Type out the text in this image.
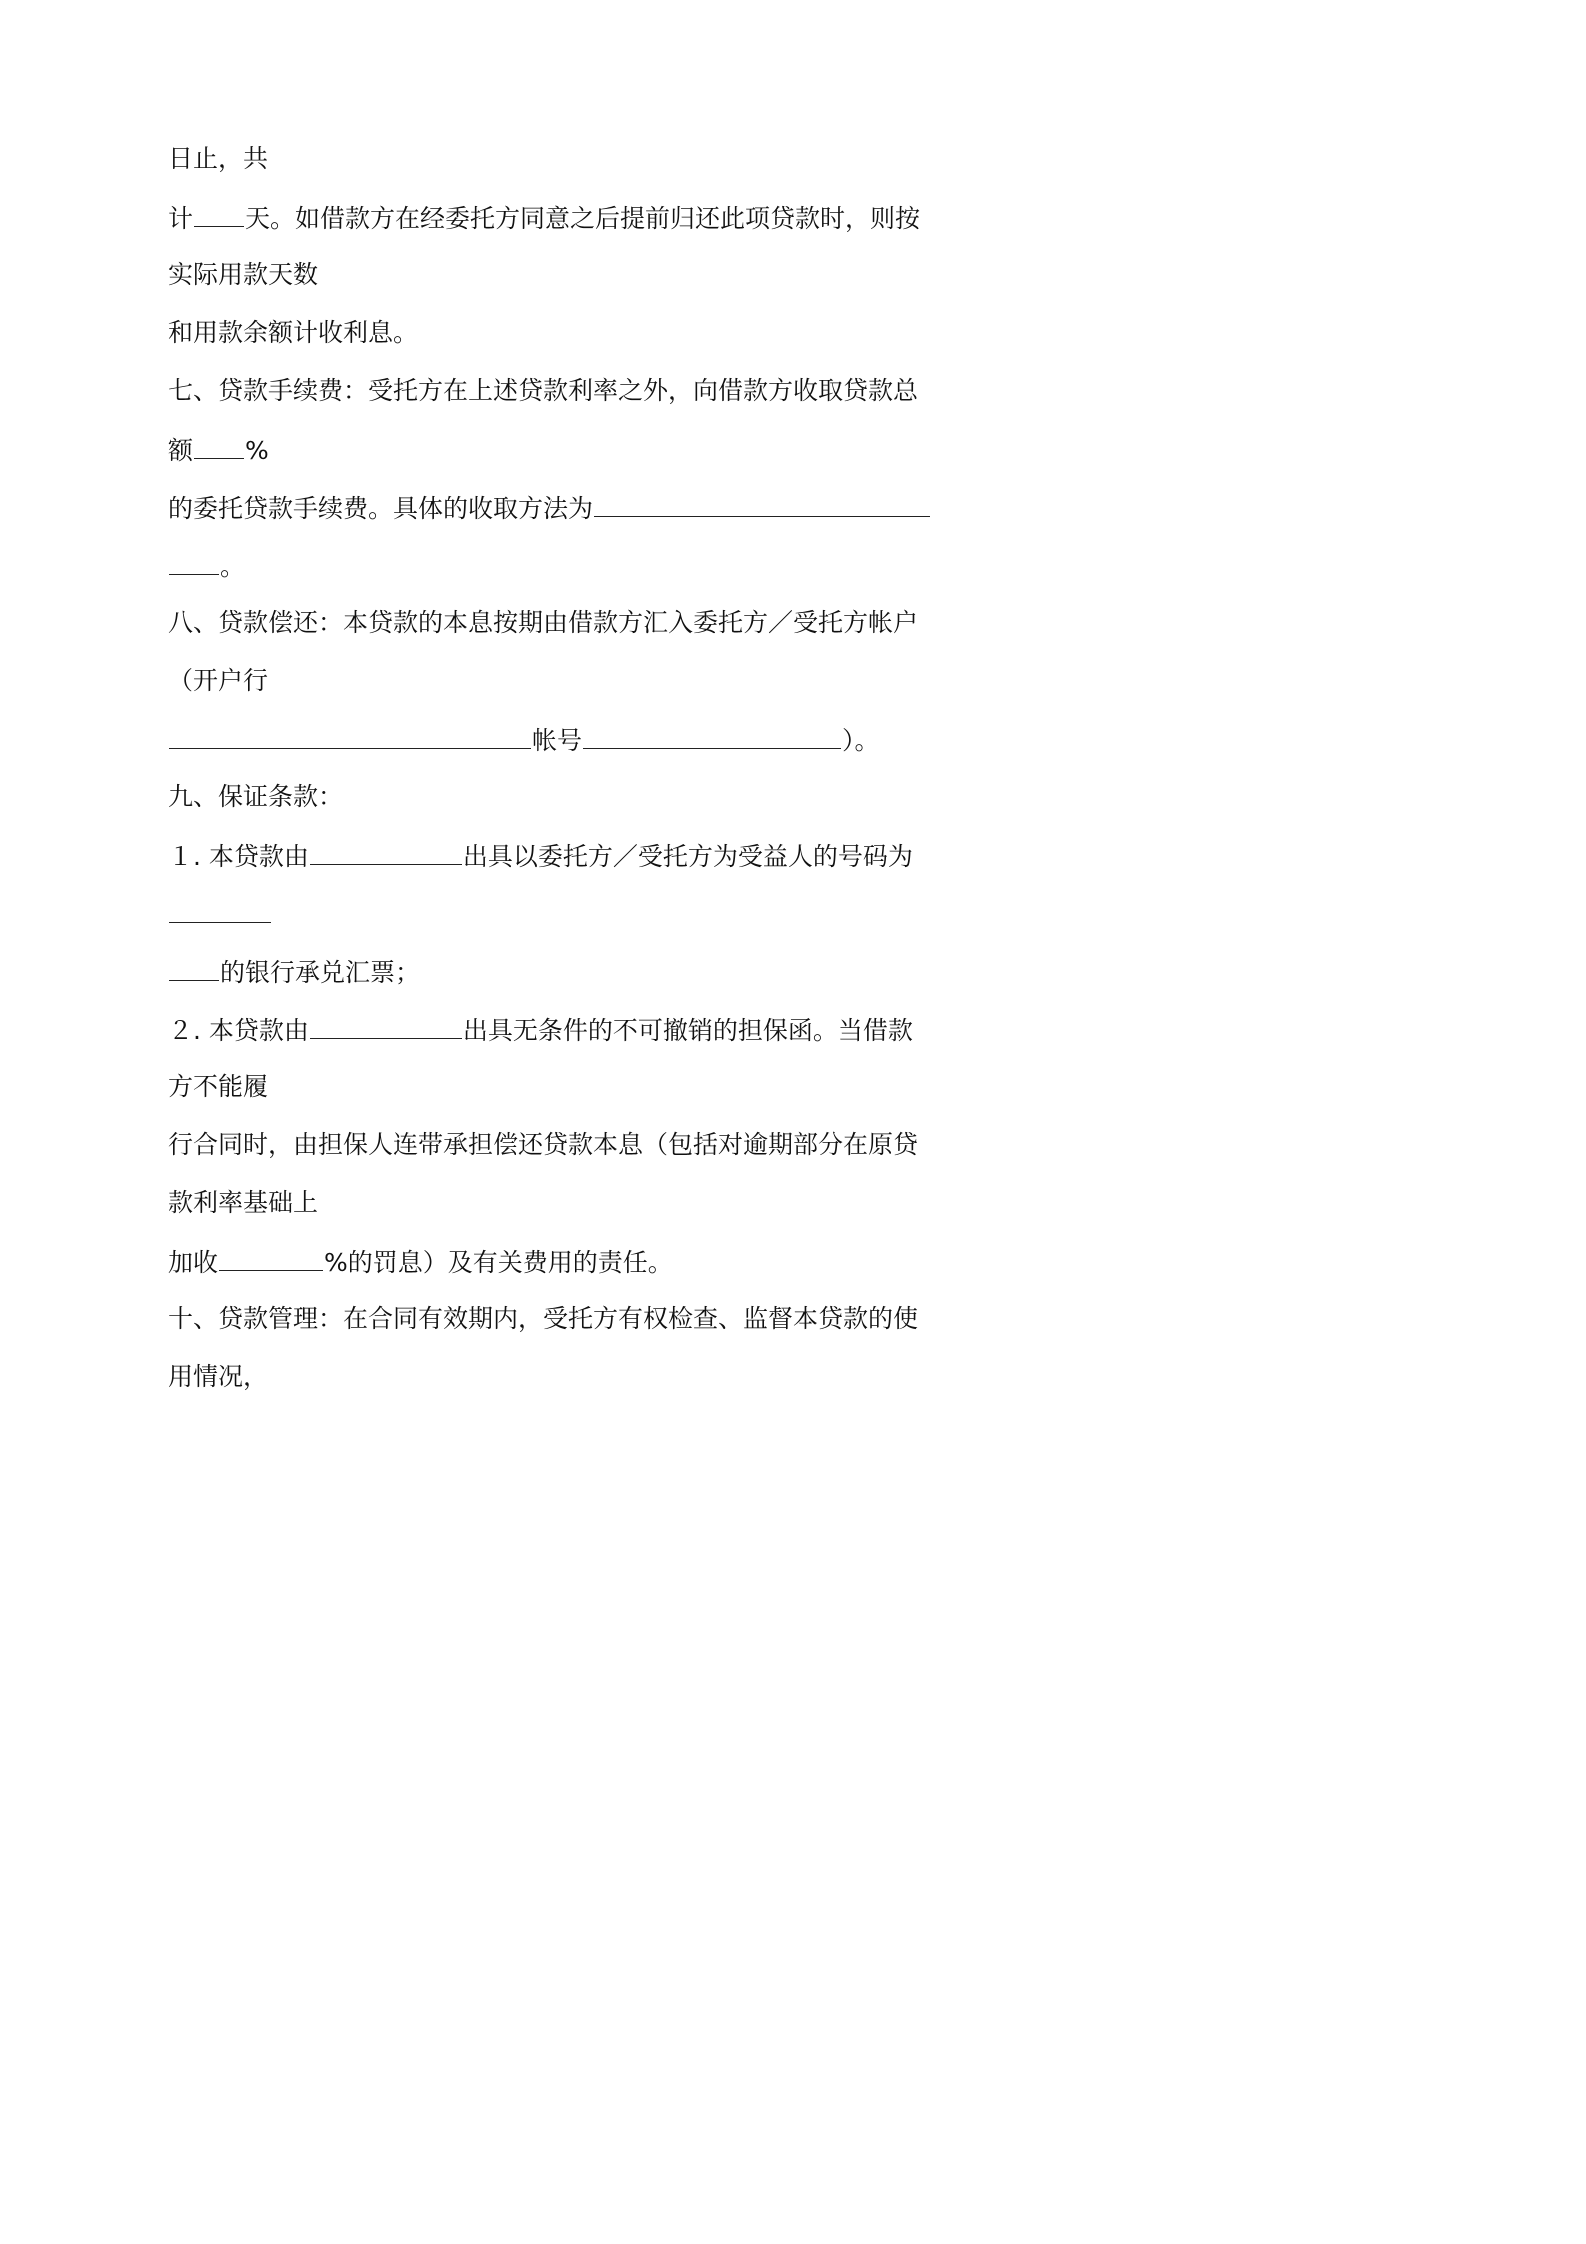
日止，共
计 天。如借款方在经委托方同意之后提前归还此项贷款时，则按
实际用款天数
和用款余额计收利息。
七、贷款手续费：受托方在上述贷款利率之外，向借款方收取贷款总
额 %
的委托贷款手续费。具体的收取方法为
。
八、贷款偿还：本贷款的本息按期由借款方汇入委托方／受托方帐户
（开户行
帐号	）。
九、保证条款：
１. 本贷款由	出具以委托方／受托方为受益人的号码为
的银行承兑汇票；
２. 本贷款由	出具无条件的不可撤销的担保函。当借款
方不能履
行合同时，由担保人连带承担偿还贷款本息（包括对逾期部分在原贷
款利率基础上
加收	%的罚息）及有关费用的责任。
十、贷款管理：在合同有效期内，受托方有权检查、监督本贷款的使
用情况，
